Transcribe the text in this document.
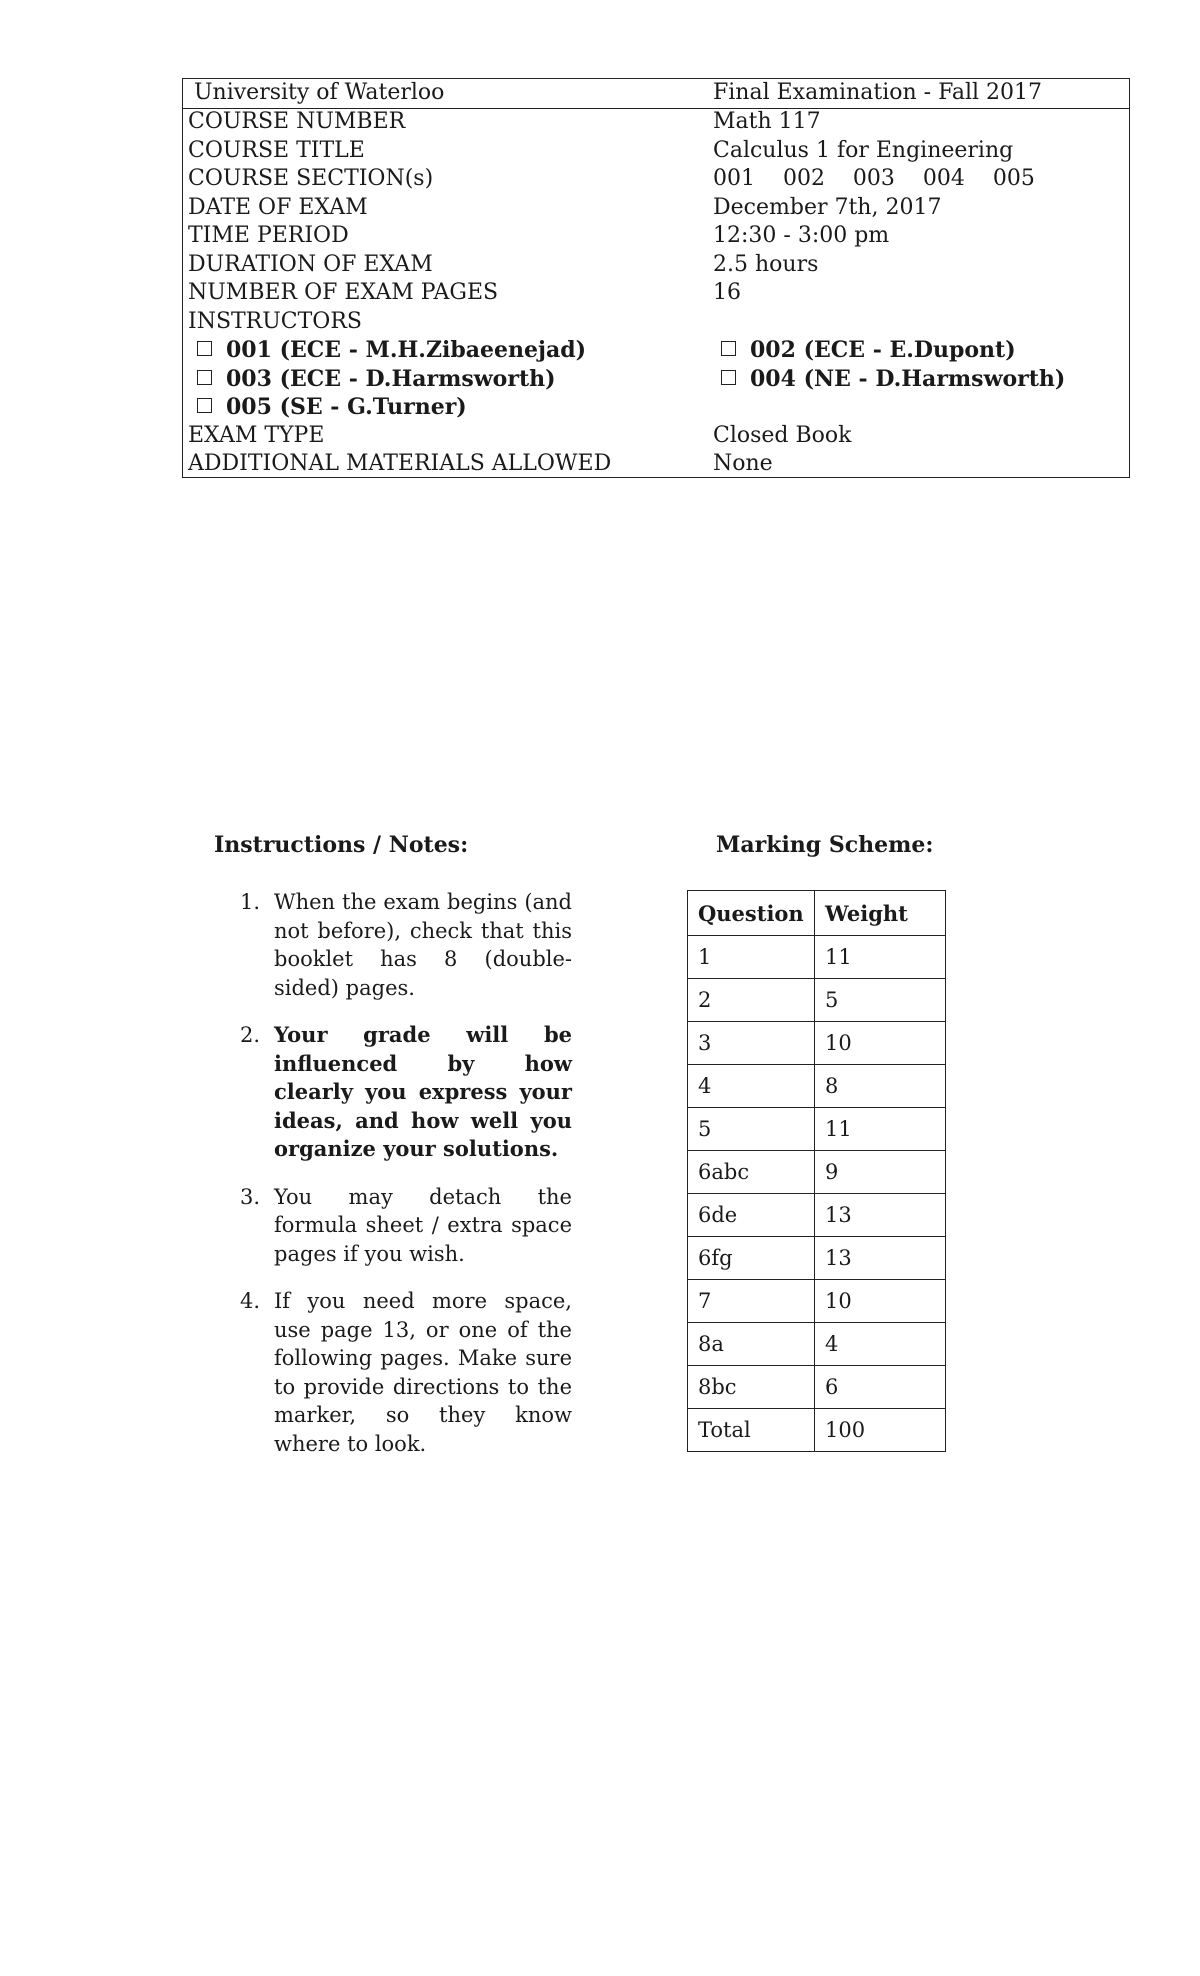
University of Waterloo	Final Examination - Fall 2017
COURSE NUMBER	Math 117
COURSE TITLE	Calculus 1 for Engineering
COURSE SECTION(s)	001    002    003    004    005
DATE OF EXAM	December 7th, 2017
TIME PERIOD	12:30 - 3:00 pm
DURATION OF EXAM	2.5 hours
NUMBER OF EXAM PAGES	16
INSTRUCTORS
001 (ECE - M.H.Zibaeenejad)	002 (ECE - E.Dupont)
003 (ECE - D.Harmsworth)	004 (NE - D.Harmsworth)
005 (SE - G.Turner)
EXAM TYPE	Closed Book
ADDITIONAL MATERIALS ALLOWED	None
Instructions / Notes:
1. When the exam begins (and not before), check that this booklet has 8 (double-sided) pages.
2. Your grade will be influenced by how clearly you express your ideas, and how well you organize your solutions.
3. You may detach the formula sheet / extra space pages if you wish.
4. If you need more space, use page 13, or one of the following pages. Make sure to provide directions to the marker, so they know where to look.
Marking Scheme:
Question	Weight
1	11
2	5
3	10
4	8
5	11
6abc	9
6de	13
6fg	13
7	10
8a	4
8bc	6
Total	100
